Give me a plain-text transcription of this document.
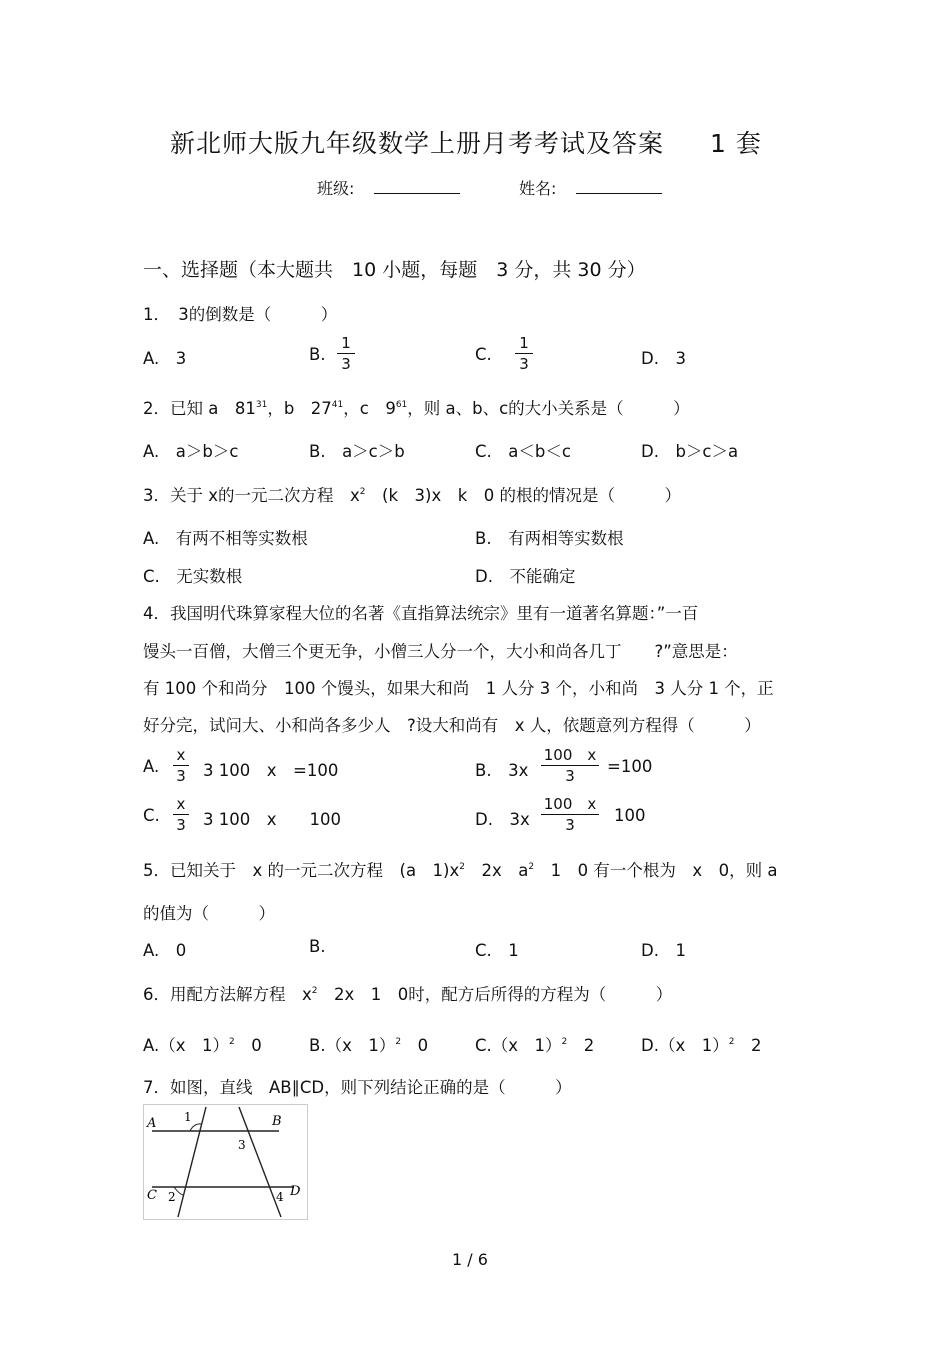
新北师大版九年级数学上册月考考试及答案 1 套
班级:	姓名:
一、选择题（本大题共　10 小题，每题　3 分，共 30 分）
1．　3的倒数是（　　　）
A.　 3	B.
1
3	C.
1
3	D.　 3
2．已知 a　$81^{31}$，b　$27^{41}$，c　$9^{61}$，则 a、b、c的大小关系是（　　　）
A.　a＞b＞c	B.　a＞c＞b	C.　a＜b＜c	D.　b＞c＞a
3．关于 x的一元二次方程　$x^2$　(k　3)x　k　0 的根的情况是（　　　）
A.　有两不相等实数根	B.　有两相等实数根
C.　无实数根	D.　不能确定
4．我国明代珠算家程大位的名著《直指算法统宗》里有一道著名算题：”一百
馒头一百僧，大僧三个更无争，小僧三人分一个，大小和尚各几丁　　?”意思是：
有 100 个和尚分　100 个馒头，如果大和尚　1 人分 3 个，小和尚　3 人分 1 个，正
好分完，试问大、小和尚各多少人　?设大和尚有　x 人，依题意列方程得（　　　）
A.
x
3 3 100　x　=100	B.　 3x
100　x
3	=100
C.
x
3 3 100　x　　100	D.　 3x
100　x
3	100
5．已知关于　x 的一元二次方程　(a　$1)x^2$　2x　$a^2$　1　0 有一个根为　x　0，则 a
的值为（　　　）
A.　0	B.	C.　1	D.　1
6．用配方法解方程　$x^2$　2x　1　0时，配方后所得的方程为（　　　）
A.（x　1）$^2$　0	B.（x　1）$^2$　0	C.（x　1）$^2$　2	D.（x　1）$^2$　2
7．如图，直线　AB∥CD，则下列结论正确的是（　　　）
A	B
C	D
1
3
2	4
1 / 6
